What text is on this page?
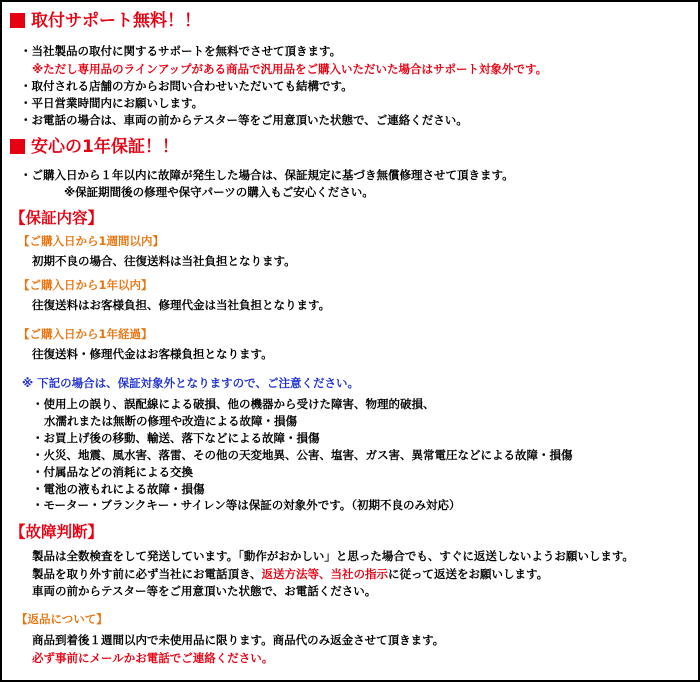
取付サポート無料！！
・当社製品の取付に関するサポートを無料でさせて頂きます。
※ただし専用品のラインアップがある商品で汎用品をご購入いただいた場合はサポート対象外です。
・取付される店舗の方からお問い合わせいただいても結構です。
・平日営業時間内にお願いします。
・お電話の場合は、車両の前からテスター等をご用意頂いた状態で、ご連絡ください。
安心の1年保証！！
・ご購入日から１年以内に故障が発生した場合は、保証規定に基づき無償修理させて頂きます。
※保証期間後の修理や保守パーツの購入もご安心ください。
【保証内容】
【ご購入日から1週間以内】
初期不良の場合、往復送料は当社負担となります。
【ご購入日から1年以内】
往復送料はお客様負担、修理代金は当社負担となります。
【ご購入日から1年経過】
往復送料・修理代金はお客様負担となります。
※ 下記の場合は、保証対象外となりますので、ご注意ください。
・使用上の誤り、誤配線による破損、他の機器から受けた障害、物理的破損、
水濡れまたは無断の修理や改造による故障・損傷
・お買上げ後の移動、輸送、落下などによる故障・損傷
・火災、地震、風水害、落雷、その他の天変地異、公害、塩害、ガス害、異常電圧などによる故障・損傷
・付属品などの消耗による交換
・電池の液もれによる故障・損傷
・モーター・ブランクキー・サイレン等は保証の対象外です。（初期不良のみ対応）
【故障判断】
製品は全数検査をして発送しています。「動作がおかしい」と思った場合でも、すぐに返送しないようお願いします。
製品を取り外す前に必ず当社にお電話頂き、返送方法等、当社の指示に従って返送をお願いします。
車両の前からテスター等をご用意頂いた状態で、お電話ください。
【返品について】
商品到着後１週間以内で未使用品に限ります。商品代のみ返金させて頂きます。
必ず事前にメールかお電話でご連絡ください。
